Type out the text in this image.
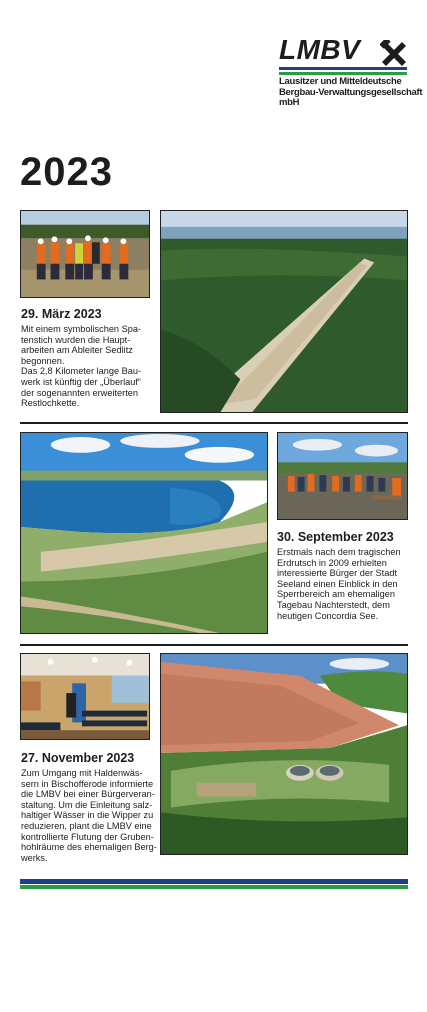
LMBV
Lausitzer und Mitteldeutsche
Bergbau-Verwaltungsgesellschaft mbH
2023
29. März 2023
Mit einem symbolischen Spa-
tenstich wurden die Haupt-
arbeiten am Ableiter Sedlitz
begonnen.
Das 2,8 Kilometer lange Bau-
werk ist künftig der „Überlauf“
der sogenannten erweiterten
Restlochkette.
30. September 2023
Erstmals nach dem tragischen
Erdrutsch in 2009 erhielten
interessierte Bürger der Stadt
Seeland einen Einblick in den
Sperrbereich am ehemaligen
Tagebau Nachterstedt, dem
heutigen Concordia See.
27. November 2023
Zum Umgang mit Haldenwäs-
sern in Bischofferode informierte
die LMBV bei einer Bürgerveran-
staltung. Um die Einleitung salz-
haltiger Wässer in die Wipper zu
reduzieren, plant die LMBV eine
kontrollierte Flutung der Gruben-
hohlräume des ehemaligen Berg-
werks.
